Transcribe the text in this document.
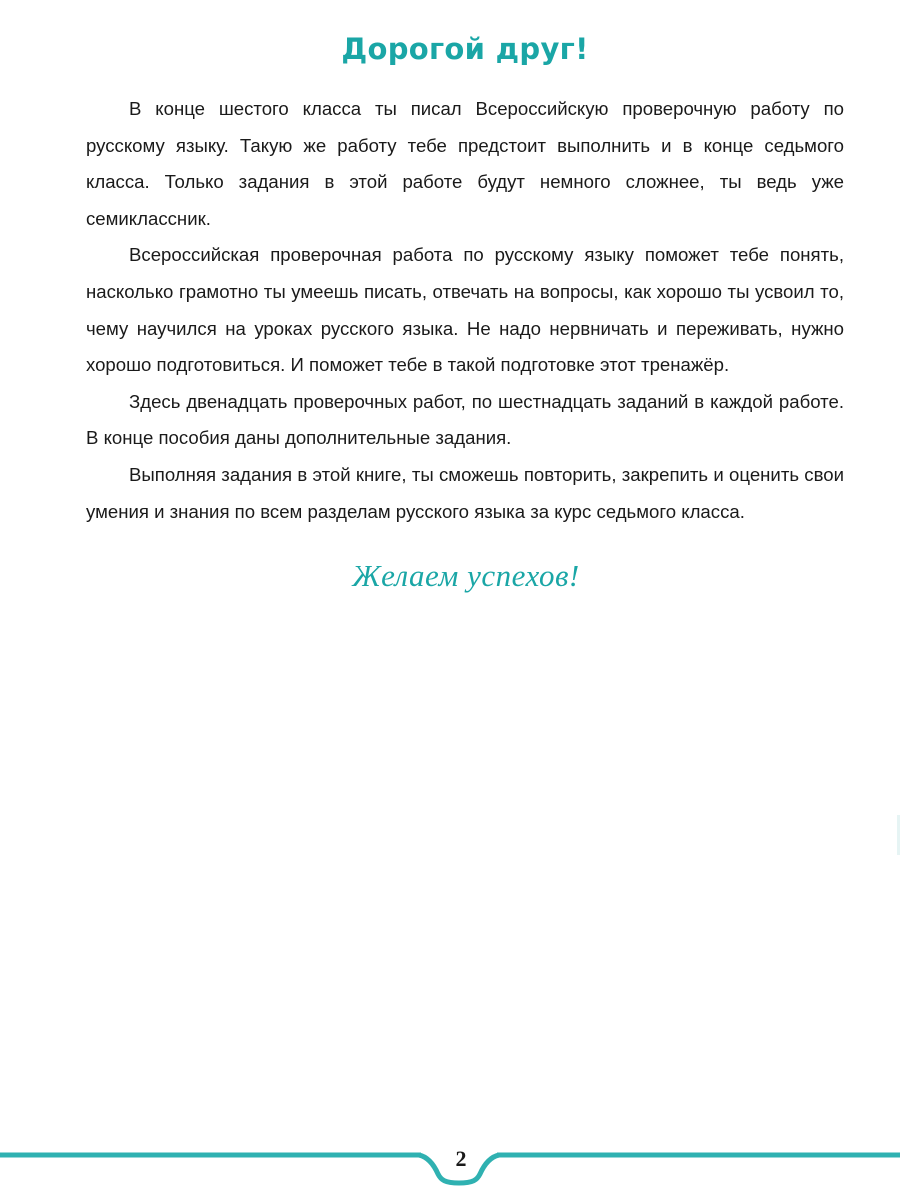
Дорогой друг!

В конце шестого класса ты писал Всероссийскую проверочную работу по русскому языку. Такую же работу тебе предстоит выполнить и в конце седьмого класса. Только задания в этой работе будут немного сложнее, ты ведь уже семиклассник.

Всероссийская проверочная работа по русскому языку поможет тебе понять, насколько грамотно ты умеешь писать, отвечать на вопросы, как хорошо ты усвоил то, чему научился на уроках русского языка. Не надо нервничать и переживать, нужно хорошо подготовиться. И поможет тебе в такой подготовке этот тренажёр.

Здесь двенадцать проверочных работ, по шестнадцать заданий в каждой работе. В конце пособия даны дополнительные задания.

Выполняя задания в этой книге, ты сможешь повторить, закрепить и оценить свои умения и знания по всем разделам русского языка за курс седьмого класса.

Желаем успехов!
2
